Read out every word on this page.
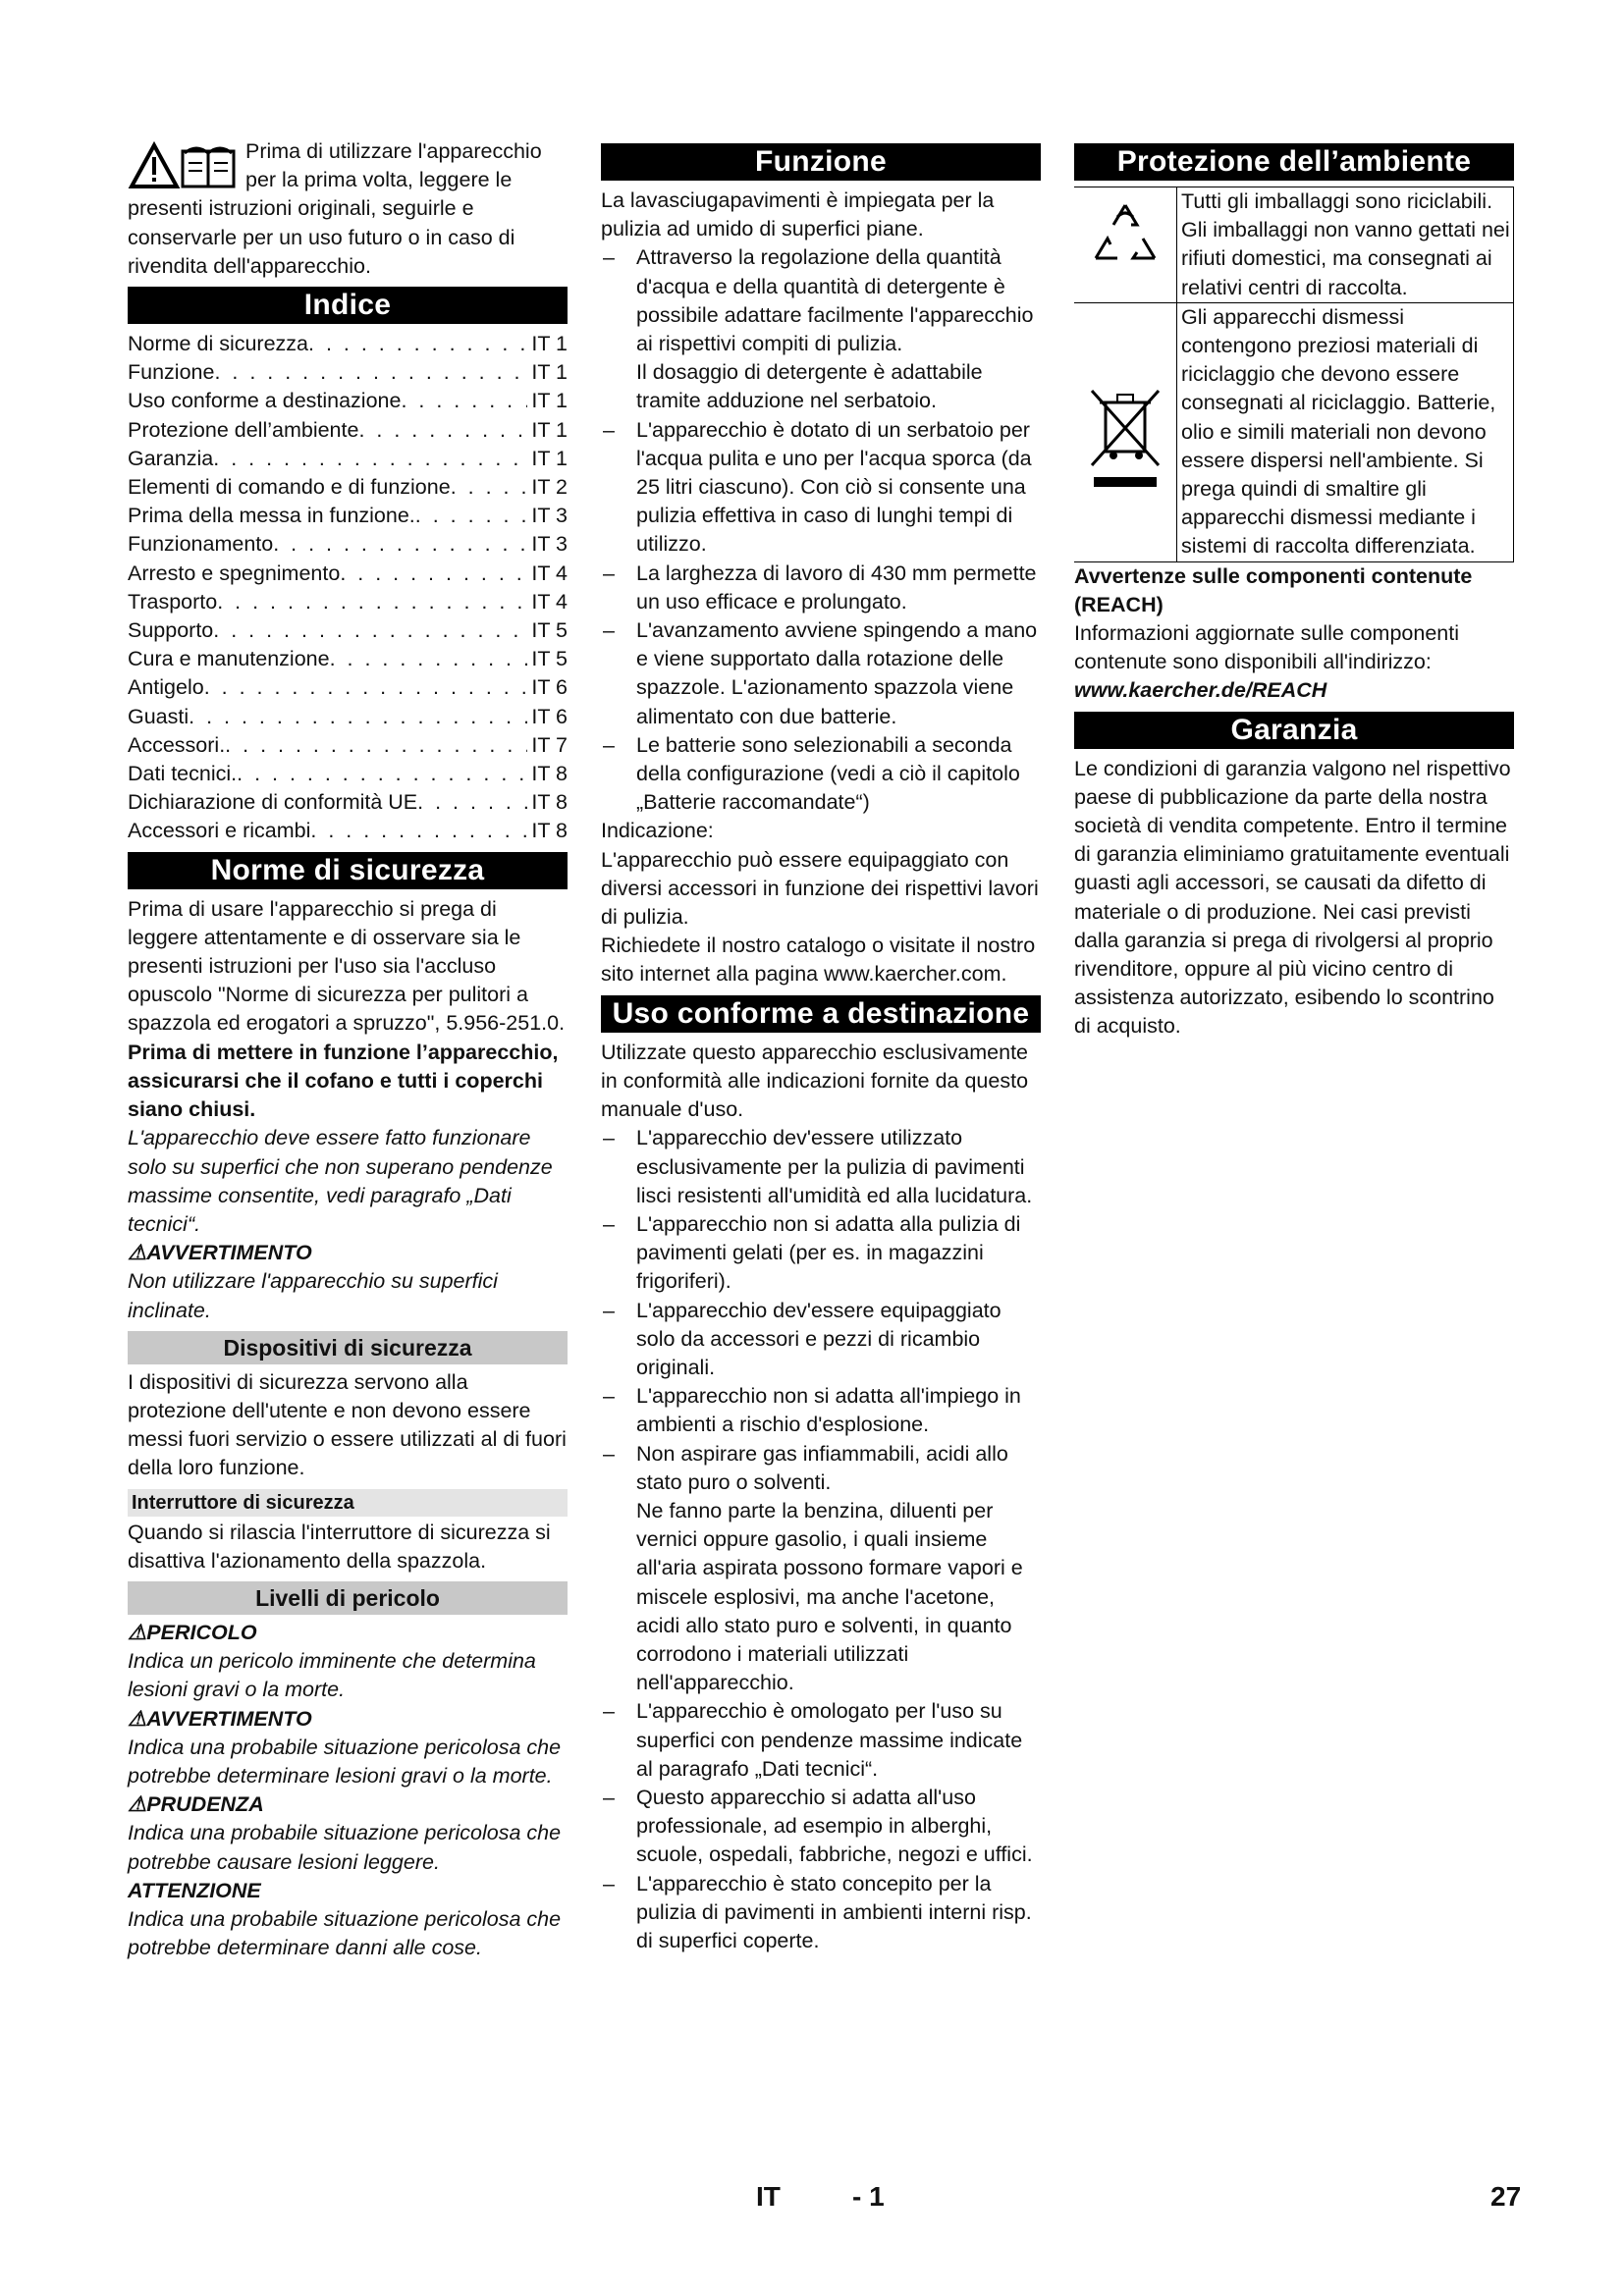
Prima di utilizzare l'apparecchio per la prima volta, leggere le presenti istruzioni originali, seguirle e conservarle per un uso futuro o in caso di rivendita dell'apparecchio.

Indice
Norme di sicurezza . . .	IT 1
Funzione . . .	IT 1
Uso conforme a destinazione . . .	IT 1
Protezione dell’ambiente . . .	IT 1
Garanzia . . .	IT 1
Elementi di comando e di funzione . . .	IT 2
Prima della messa in funzione. . . .	IT 3
Funzionamento . . .	IT 3
Arresto e spegnimento . . .	IT 4
Trasporto . . .	IT 4
Supporto . . .	IT 5
Cura e manutenzione . . .	IT 5
Antigelo . . .	IT 6
Guasti . . .	IT 6
Accessori. . . .	IT 7
Dati tecnici. . . .	IT 8
Dichiarazione di conformità UE . . .	IT 8
Accessori e ricambi . . .	IT 8
Norme di sicurezza

Prima di usare l'apparecchio si prega di leggere attentamente e di osservare sia le presenti istruzioni per l'uso sia l'accluso opuscolo "Norme di sicurezza per pulitori a spazzola ed erogatori a spruzzo", 5.956-251.0.

Prima di mettere in funzione l’apparecchio, assicurarsi che il cofano e tutti i coperchi siano chiusi.

L'apparecchio deve essere fatto funzionare solo su superfici che non superano pendenze massime consentite, vedi paragrafo „Dati tecnici“.

⚠AVVERTIMENTO

Non utilizzare l'apparecchio su superfici inclinate.

Dispositivi di sicurezza

I dispositivi di sicurezza servono alla protezione dell'utente e non devono essere messi fuori servizio o essere utilizzati al di fuori della loro funzione.

Interruttore di sicurezza

Quando si rilascia l'interruttore di sicurezza si disattiva l'azionamento della spazzola.

Livelli di pericolo

⚠PERICOLO

Indica un pericolo imminente che determina lesioni gravi o la morte.

⚠AVVERTIMENTO

Indica una probabile situazione pericolosa che potrebbe determinare lesioni gravi o la morte.

⚠PRUDENZA

Indica una probabile situazione pericolosa che potrebbe causare lesioni leggere.

ATTENZIONE

Indica una probabile situazione pericolosa che potrebbe determinare danni alle cose.

Funzione

La lavasciugapavimenti è impiegata per la pulizia ad umido di superfici piane.

– Attraverso la regolazione della quantità d'acqua e della quantità di detergente è possibile adattare facilmente l'apparecchio ai rispettivi compiti di pulizia.
Il dosaggio di detergente è adattabile tramite adduzione nel serbatoio.
– L'apparecchio è dotato di un serbatoio per l'acqua pulita e uno per l'acqua sporca (da 25 litri ciascuno). Con ciò si consente una pulizia effettiva in caso di lunghi tempi di utilizzo.
– La larghezza di lavoro di 430 mm permette un uso efficace e prolungato.
– L'avanzamento avviene spingendo a mano e viene supportato dalla rotazione delle spazzole. L'azionamento spazzola viene alimentato con due batterie.
– Le batterie sono selezionabili a seconda della configurazione (vedi a ciò il capitolo „Batterie raccomandate“)

Indicazione:

L'apparecchio può essere equipaggiato con diversi accessori in funzione dei rispettivi lavori di pulizia.

Richiedete il nostro catalogo o visitate il nostro sito internet alla pagina www.kaercher.com.

Uso conforme a destinazione

Utilizzate questo apparecchio esclusivamente in conformità alle indicazioni fornite da questo manuale d'uso.

– L'apparecchio dev'essere utilizzato esclusivamente per la pulizia di pavimenti lisci resistenti all'umidità ed alla lucidatura.
– L'apparecchio non si adatta alla pulizia di pavimenti gelati (per es. in magazzini frigoriferi).
– L'apparecchio dev'essere equipaggiato solo da accessori e pezzi di ricambio originali.
– L'apparecchio non si adatta all'impiego in ambienti a rischio d'esplosione.
– Non aspirare gas infiammabili, acidi allo stato puro o solventi.
Ne fanno parte la benzina, diluenti per vernici oppure gasolio, i quali insieme all'aria aspirata possono formare vapori e miscele esplosivi, ma anche l'acetone, acidi allo stato puro e solventi, in quanto corrodono i materiali utilizzati nell'apparecchio.
– L'apparecchio è omologato per l'uso su superfici con pendenze massime indicate al paragrafo „Dati tecnici“.
– Questo apparecchio si adatta all'uso professionale, ad esempio in alberghi, scuole, ospedali, fabbriche, negozi e uffici.
– L'apparecchio è stato concepito per la pulizia di pavimenti in ambienti interni risp. di superfici coperte.
Protezione dell’ambiente
Tutti gli imballaggi sono riciclabili. Gli imballaggi non vanno gettati nei rifiuti domestici, ma consegnati ai relativi centri di raccolta.
Gli apparecchi dismessi contengono preziosi materiali di riciclaggio che devono essere consegnati al riciclaggio. Batterie, olio e simili materiali non devono essere dispersi nell'ambiente. Si prega quindi di smaltire gli apparecchi dismessi mediante i sistemi di raccolta differenziata.

Avvertenze sulle componenti contenute (REACH)

Informazioni aggiornate sulle componenti contenute sono disponibili all'indirizzo:

www.kaercher.de/REACH

Garanzia

Le condizioni di garanzia valgono nel rispettivo paese di pubblicazione da parte della nostra società di vendita competente. Entro il termine di garanzia eliminiamo gratuitamente eventuali guasti agli accessori, se causati da difetto di materiale o di produzione. Nei casi previsti dalla garanzia si prega di rivolgersi al proprio rivenditore, oppure al più vicino centro di assistenza autorizzato, esibendo lo scontrino di acquisto.

IT	- 1	27
